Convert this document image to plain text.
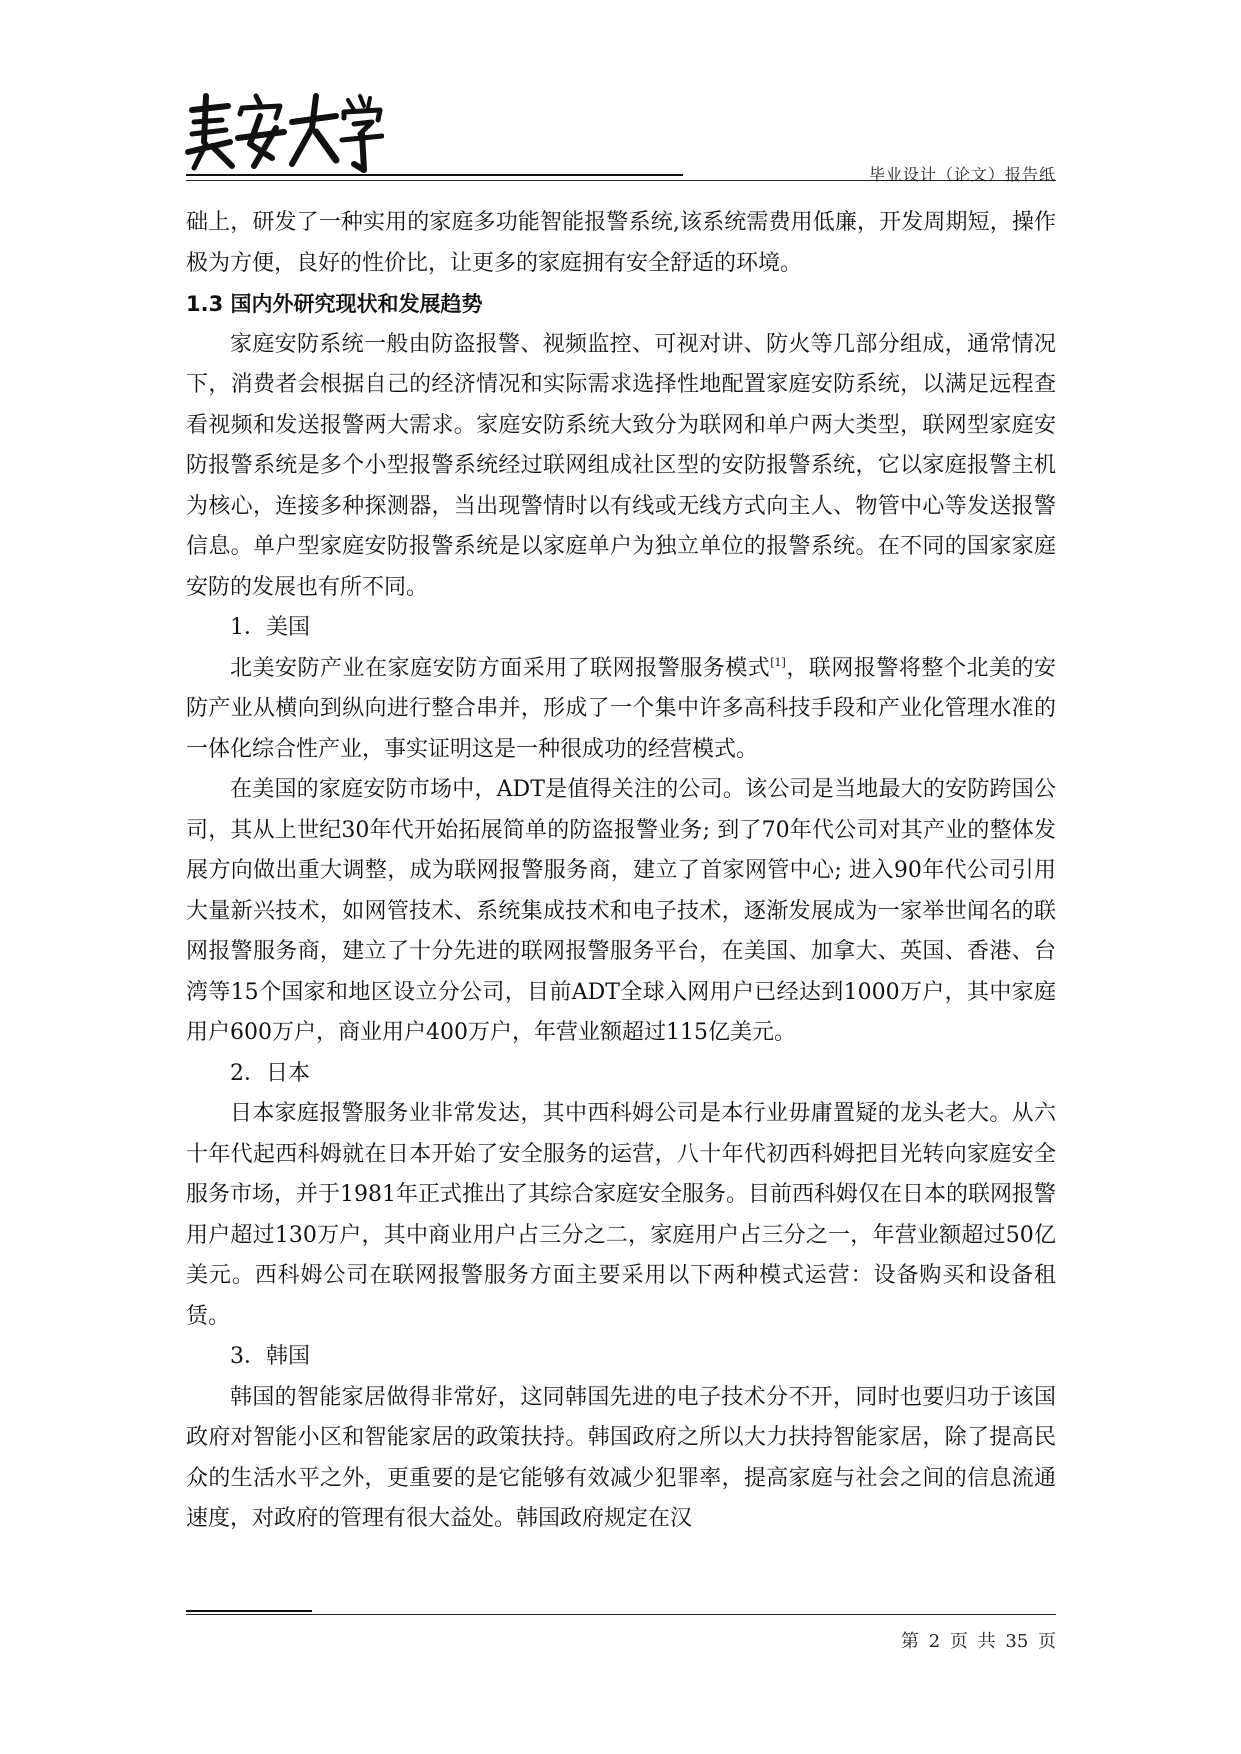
毕业设计（论文）报告纸

础上，研发了一种实用的家庭多功能智能报警系统,该系统需费用低廉，开发周期短，操作极为方便，良好的性价比，让更多的家庭拥有安全舒适的环境。

1.3 国内外研究现状和发展趋势

家庭安防系统一般由防盗报警、视频监控、可视对讲、防火等几部分组成，通常情况下，消费者会根据自己的经济情况和实际需求选择性地配置家庭安防系统，以满足远程查看视频和发送报警两大需求。家庭安防系统大致分为联网和单户两大类型，联网型家庭安防报警系统是多个小型报警系统经过联网组成社区型的安防报警系统，它以家庭报警主机为核心，连接多种探测器，当出现警情时以有线或无线方式向主人、物管中心等发送报警信息。单户型家庭安防报警系统是以家庭单户为独立单位的报警系统。在不同的国家家庭安防的发展也有所不同。

1．美国

北美安防产业在家庭安防方面采用了联网报警服务模式[1]，联网报警将整个北美的安防产业从横向到纵向进行整合串并，形成了一个集中许多高科技手段和产业化管理水准的一体化综合性产业，事实证明这是一种很成功的经营模式。

在美国的家庭安防市场中，ADT是值得关注的公司。该公司是当地最大的安防跨国公司，其从上世纪30年代开始拓展简单的防盗报警业务; 到了70年代公司对其产业的整体发展方向做出重大调整，成为联网报警服务商，建立了首家网管中心; 进入90年代公司引用大量新兴技术，如网管技术、系统集成技术和电子技术，逐渐发展成为一家举世闻名的联网报警服务商，建立了十分先进的联网报警服务平台，在美国、加拿大、英国、香港、台湾等15个国家和地区设立分公司，目前ADT全球入网用户已经达到1000万户，其中家庭用户600万户，商业用户400万户，年营业额超过115亿美元。

2．日本

日本家庭报警服务业非常发达，其中西科姆公司是本行业毋庸置疑的龙头老大。从六十年代起西科姆就在日本开始了安全服务的运营，八十年代初西科姆把目光转向家庭安全服务市场，并于1981年正式推出了其综合家庭安全服务。目前西科姆仅在日本的联网报警用户超过130万户，其中商业用户占三分之二，家庭用户占三分之一，年营业额超过50亿美元。西科姆公司在联网报警服务方面主要采用以下两种模式运营：设备购买和设备租赁。

3．韩国

韩国的智能家居做得非常好，这同韩国先进的电子技术分不开，同时也要归功于该国政府对智能小区和智能家居的政策扶持。韩国政府之所以大力扶持智能家居，除了提高民众的生活水平之外，更重要的是它能够有效减少犯罪率，提高家庭与社会之间的信息流通速度，对政府的管理有很大益处。韩国政府规定在汉

第 2 页 共 35 页
